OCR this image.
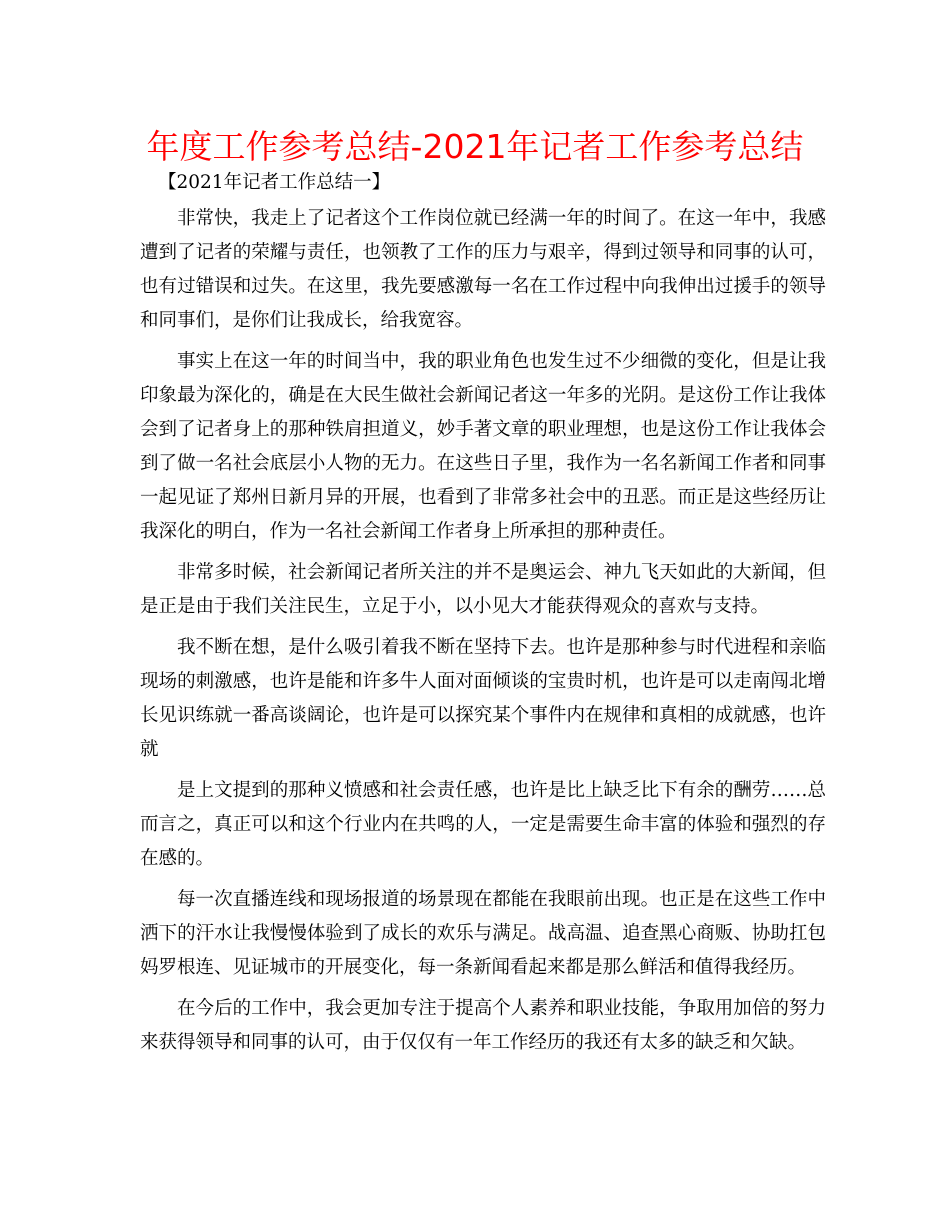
年度工作参考总结-2021年记者工作参考总结

【2021年记者工作总结一】

非常快，我走上了记者这个工作岗位就已经满一年的时间了。在这一年中，我感遭到了记者的荣耀与责任，也领教了工作的压力与艰辛，得到过领导和同事的认可，也有过错误和过失。在这里，我先要感激每一名在工作过程中向我伸出过援手的领导和同事们，是你们让我成长，给我宽容。

事实上在这一年的时间当中，我的职业角色也发生过不少细微的变化，但是让我印象最为深化的，确是在大民生做社会新闻记者这一年多的光阴。是这份工作让我体会到了记者身上的那种铁肩担道义，妙手著文章的职业理想，也是这份工作让我体会到了做一名社会底层小人物的无力。在这些日子里，我作为一名名新闻工作者和同事一起见证了郑州日新月异的开展，也看到了非常多社会中的丑恶。而正是这些经历让我深化的明白，作为一名社会新闻工作者身上所承担的那种责任。

非常多时候，社会新闻记者所关注的并不是奥运会、神九飞天如此的大新闻，但是正是由于我们关注民生，立足于小，以小见大才能获得观众的喜欢与支持。

我不断在想，是什么吸引着我不断在坚持下去。也许是那种参与时代进程和亲临现场的刺激感，也许是能和许多牛人面对面倾谈的宝贵时机，也许是可以走南闯北增长见识练就一番高谈阔论，也许是可以探究某个事件内在规律和真相的成就感，也许就

是上文提到的那种义愤感和社会责任感，也许是比上缺乏比下有余的酬劳……总而言之，真正可以和这个行业内在共鸣的人，一定是需要生命丰富的体验和强烈的存在感的。

每一次直播连线和现场报道的场景现在都能在我眼前出现。也正是在这些工作中洒下的汗水让我慢慢体验到了成长的欢乐与满足。战高温、追查黑心商贩、协助扛包妈罗根连、见证城市的开展变化，每一条新闻看起来都是那么鲜活和值得我经历。

在今后的工作中，我会更加专注于提高个人素养和职业技能，争取用加倍的努力来获得领导和同事的认可，由于仅仅有一年工作经历的我还有太多的缺乏和欠缺。
